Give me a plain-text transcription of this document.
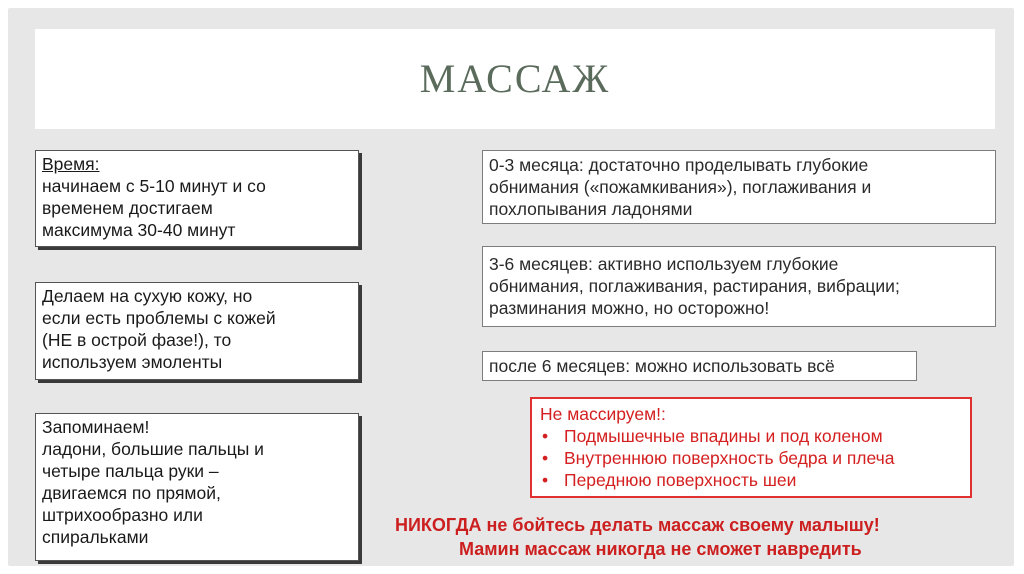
МАССАЖ
Время:
начинаем с 5-10 минут и со
временем достигаем
максимума 30-40 минут
Делаем на сухую кожу, но
если есть проблемы с кожей
(НЕ в острой фазе!), то
используем эмоленты
Запоминаем!
ладони, большие пальцы и
четыре пальца руки –
двигаемся по прямой,
штрихообразно или
спиральками
0-3 месяца: достаточно проделывать глубокие
обнимания («пожамкивания»), поглаживания и
похлопывания ладонями
3-6 месяцев: активно используем глубокие
обнимания, поглаживания, растирания, вибрации;
разминания можно, но осторожно!
после 6 месяцев: можно использовать всё
Не массируем!:
• Подмышечные впадины и под коленом
• Внутреннюю поверхность бедра и плеча
• Переднюю поверхность шеи
НИКОГДА не бойтесь делать массаж своему малышу!
Мамин массаж никогда не сможет навредить
